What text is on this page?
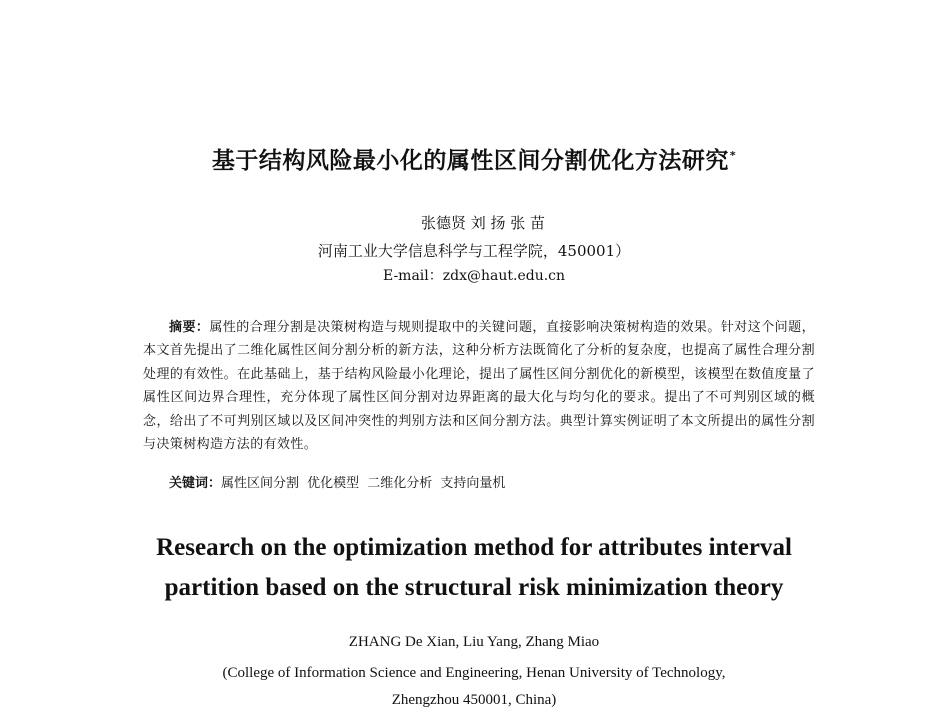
基于结构风险最小化的属性区间分割优化方法研究*
张德贤 刘 扬 张 苗
河南工业大学信息科学与工程学院，450001）
E-mail：zdx@haut.edu.cn
摘要：属性的合理分割是决策树构造与规则提取中的关键问题，直接影响决策树构造的效果。针对这个问题，本文首先提出了二维化属性区间分割分析的新方法，这种分析方法既简化了分析的复杂度，也提高了属性合理分割处理的有效性。在此基础上，基于结构风险最小化理论，提出了属性区间分割优化的新模型，该模型在数值度量了属性区间边界合理性，充分体现了属性区间分割对边界距离的最大化与均匀化的要求。提出了不可判别区域的概念，给出了不可判别区域以及区间冲突性的判别方法和区间分割方法。典型计算实例证明了本文所提出的属性分割与决策树构造方法的有效性。
关键词：属性区间分割 优化模型 二维化分析 支持向量机
Research on the optimization method for attributes interval
partition based on the structural risk minimization theory
ZHANG De Xian, Liu Yang, Zhang Miao
(College of Information Science and Engineering, Henan University of Technology,
Zhengzhou 450001, China)
